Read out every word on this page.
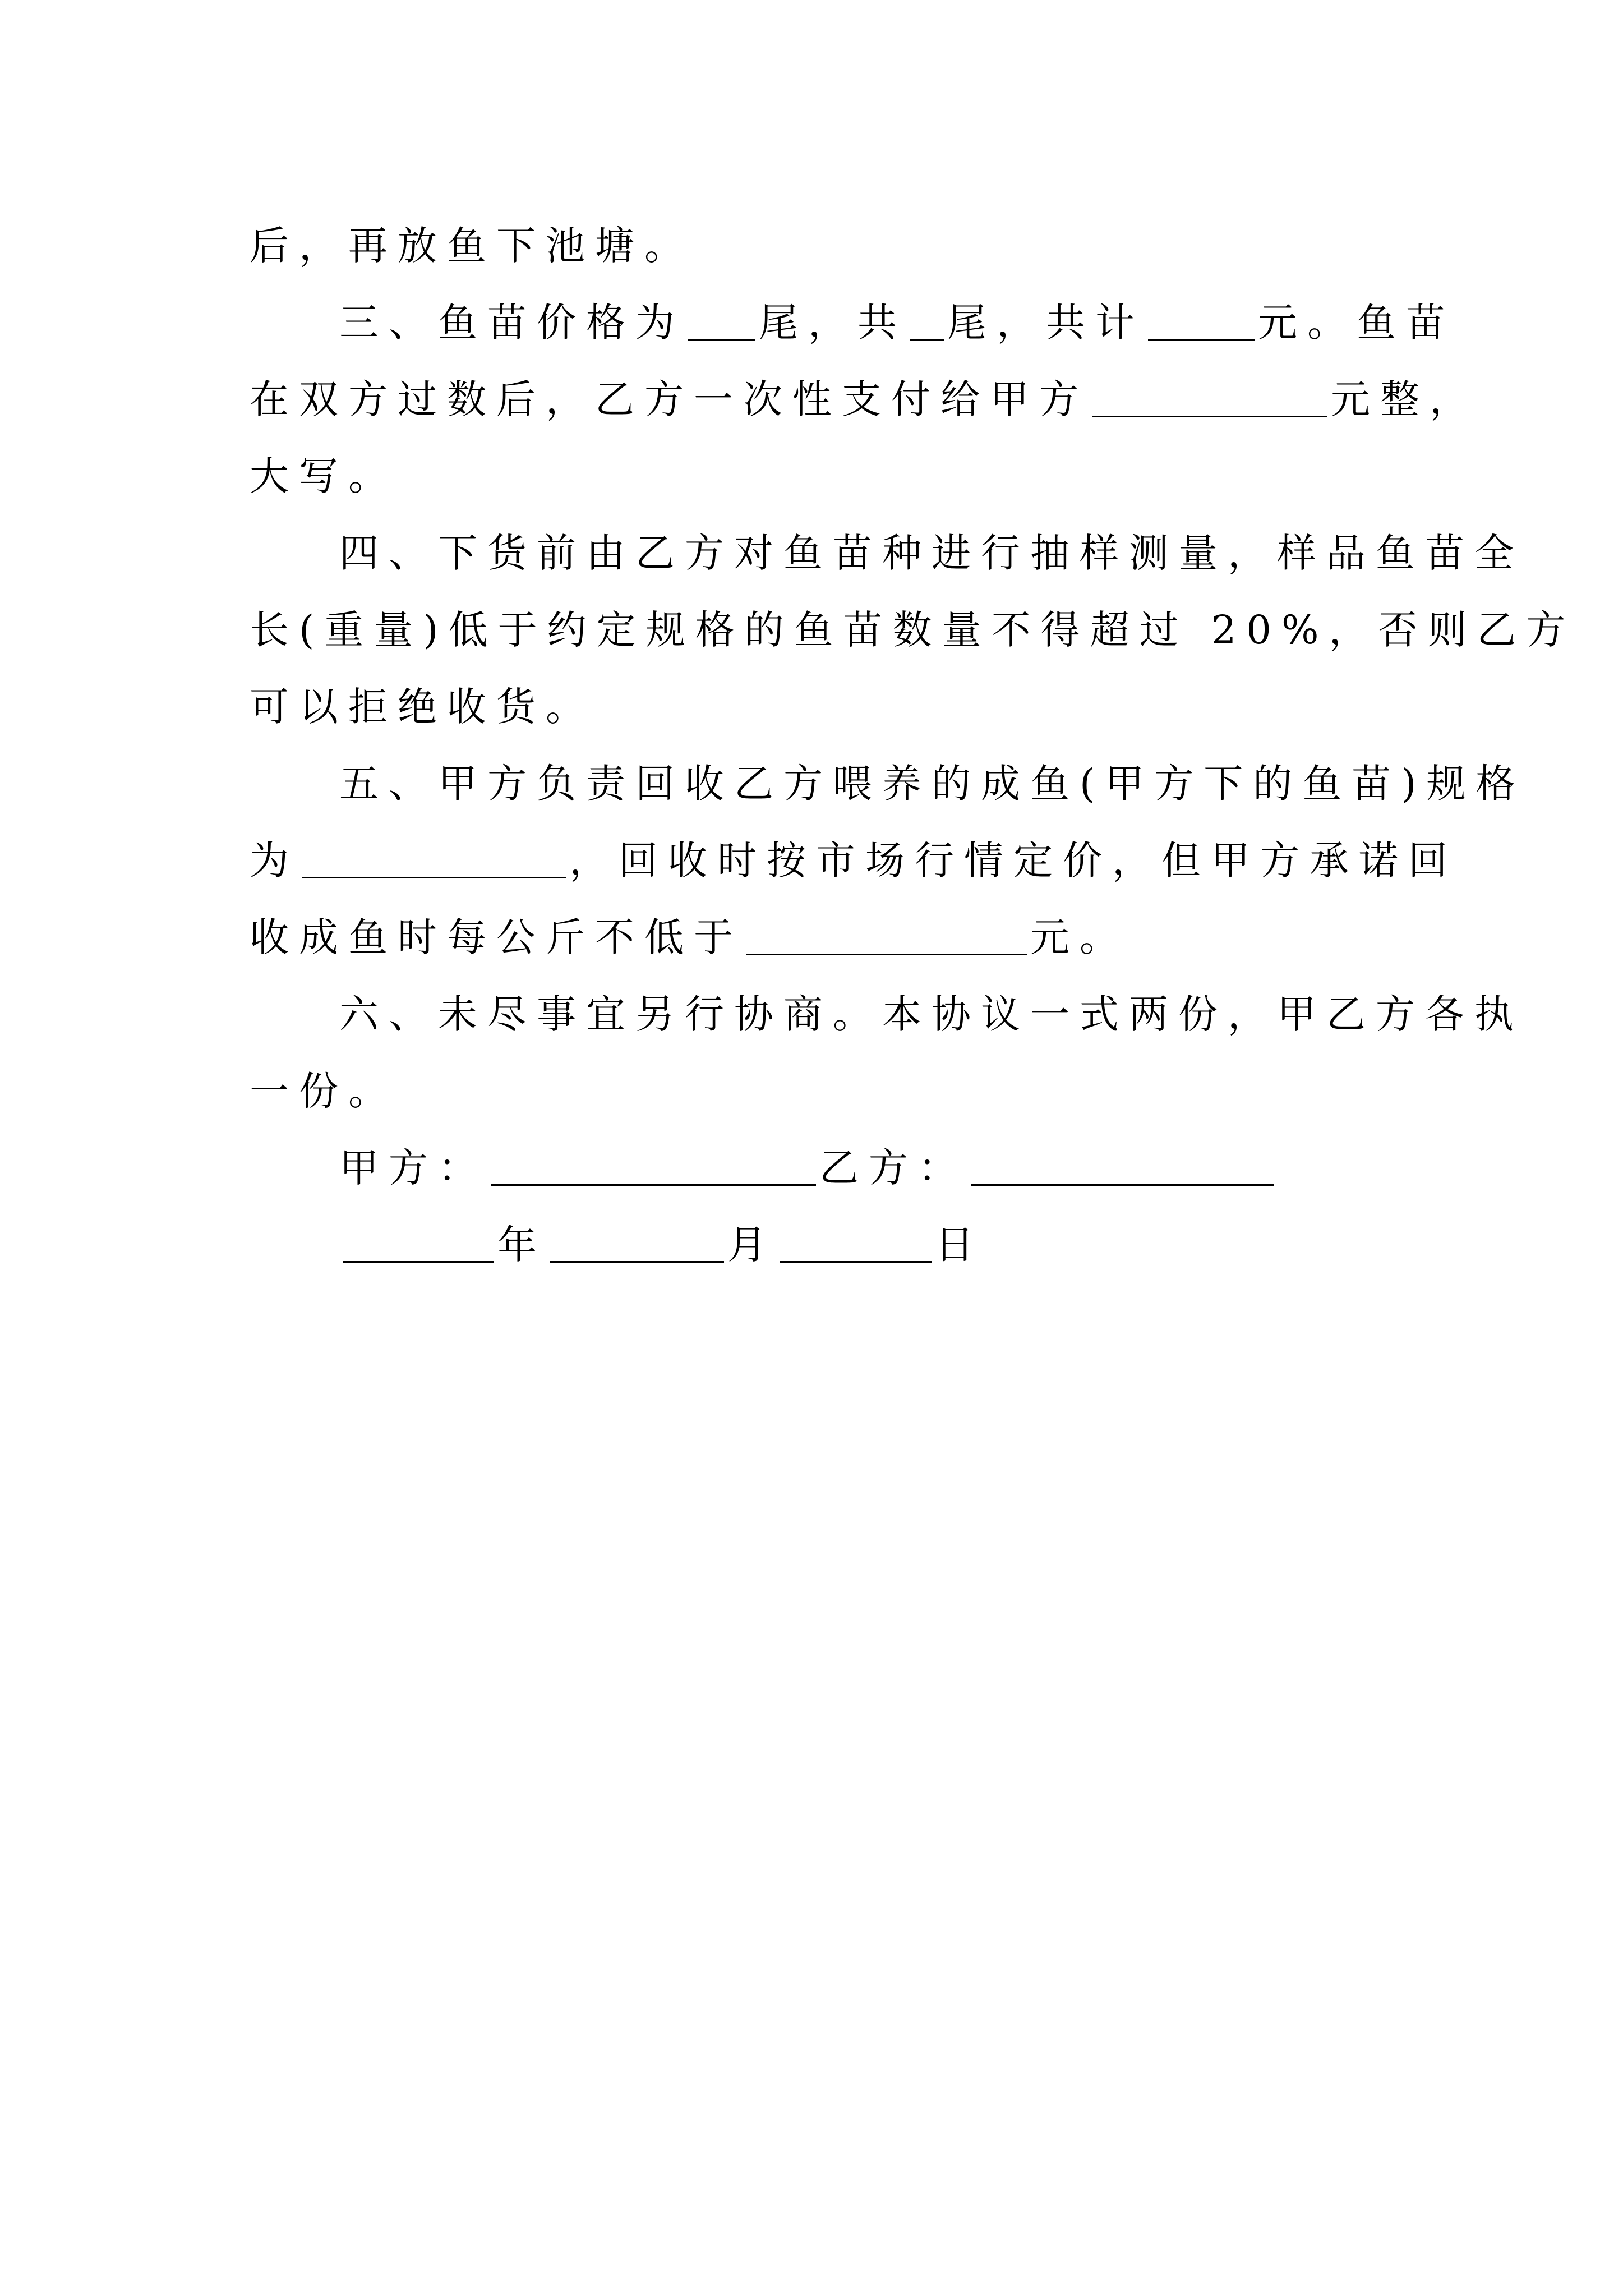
后，再放鱼下池塘。
三、鱼苗价格为 尾，共 尾，共计	元。鱼苗
在双方过数后，乙方一次性支付给甲方	元整，
大写。
四、下货前由乙方对鱼苗种进行抽样测量，样品鱼苗全
长(重量)低于约定规格的鱼苗数量不得超过 20%，否则乙方
可以拒绝收货。
五、甲方负责回收乙方喂养的成鱼(甲方下的鱼苗)规格
为	，回收时按市场行情定价，但甲方承诺回
收成鱼时每公斤不低于	元。
六、未尽事宜另行协商。本协议一式两份，甲乙方各执
一份。
甲方：	乙方：
年	月	日
